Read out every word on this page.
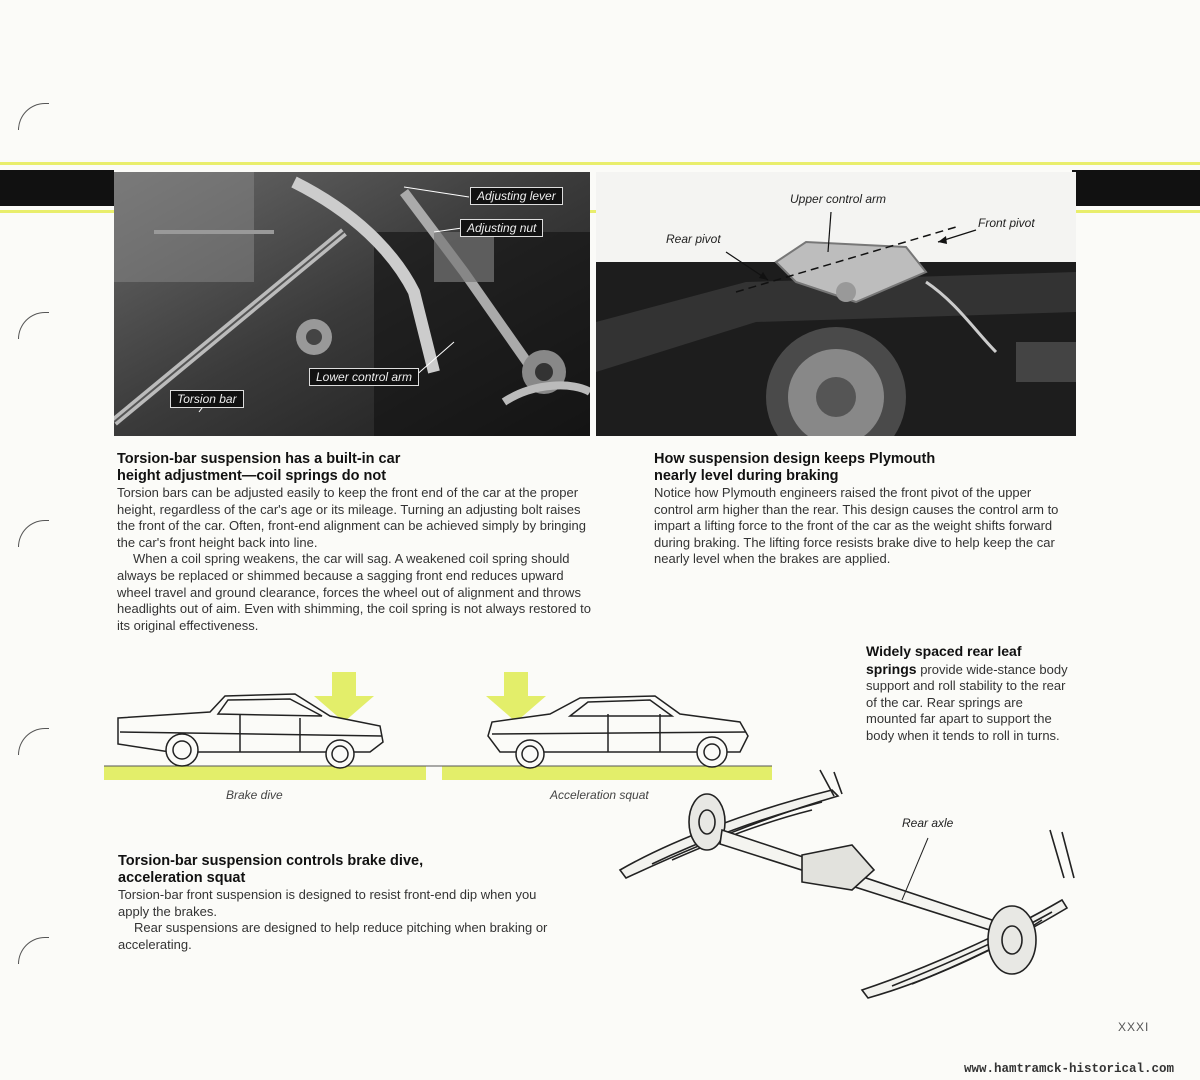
Adjusting lever
Adjusting nut
Lower control arm
Torsion bar
Upper control arm
Rear pivot
Front pivot
Torsion-bar suspension has a built-in car
height adjustment—coil springs do not

Torsion bars can be adjusted easily to keep the front end of the car at the proper height, regardless of the car's age or its mileage. Turning an adjusting bolt raises the front of the car. Often, front-end alignment can be achieved simply by bringing the car's front height back into line.

When a coil spring weakens, the car will sag. A weakened coil spring should always be replaced or shimmed because a sagging front end reduces upward wheel travel and ground clearance, forces the wheel out of alignment and throws headlights out of aim. Even with shimming, the coil spring is not always restored to its original effectiveness.

How suspension design keeps Plymouth
nearly level during braking

Notice how Plymouth engineers raised the front pivot of the upper control arm higher than the rear. This design causes the control arm to impart a lifting force to the front of the car as the weight shifts forward during braking. The lifting force resists brake dive to help keep the car nearly level when the brakes are applied.

Widely spaced rear leaf
springs provide wide-stance body support and roll stability to the rear of the car. Rear springs are mounted far apart to support the body when it tends to roll in turns.

Brake dive	Acceleration squat
Rear axle
Torsion-bar suspension controls brake dive,
acceleration squat

Torsion-bar front suspension is designed to resist front-end dip when you apply the brakes.

Rear suspensions are designed to help reduce pitching when braking or accelerating.

XXXI
www.hamtramck-historical.com
